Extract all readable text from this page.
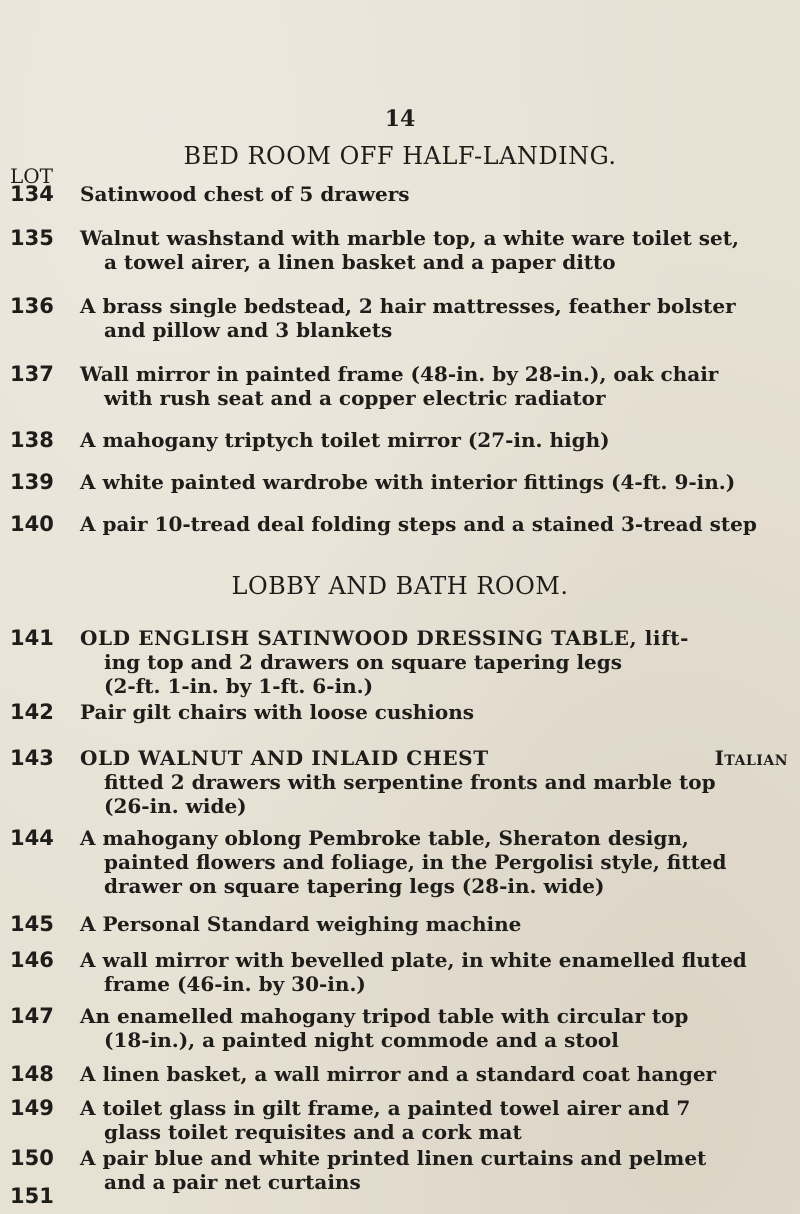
14
BED ROOM OFF HALF-LANDING.
LOT
134 Satinwood chest of 5 drawers
135 Walnut washstand with marble top, a white ware toilet set,
a towel airer, a linen basket and a paper ditto
136 A brass single bedstead, 2 hair mattresses, feather bolster
and pillow and 3 blankets
137 Wall mirror in painted frame (48-in. by 28-in.), oak chair
with rush seat and a copper electric radiator
138 A mahogany triptych toilet mirror (27-in. high)
139 A white painted wardrobe with interior fittings (4-ft. 9-in.)
140 A pair 10-tread deal folding steps and a stained 3-tread step
LOBBY AND BATH ROOM.
141 OLD ENGLISH SATINWOOD DRESSING TABLE, lift-
ing top and 2 drawers on square tapering legs
(2-ft. 1-in. by 1-ft. 6-in.)
142 Pair gilt chairs with loose cushions
143	Italian
OLD WALNUT AND INLAID CHEST
fitted 2 drawers with serpentine fronts and marble top
(26-in. wide)
144 A mahogany oblong Pembroke table, Sheraton design,
painted flowers and foliage, in the Pergolisi style, fitted
drawer on square tapering legs (28-in. wide)
145 A Personal Standard weighing machine
146 A wall mirror with bevelled plate, in white enamelled fluted
frame (46-in. by 30-in.)
147 An enamelled mahogany tripod table with circular top
(18-in.), a painted night commode and a stool
148 A linen basket, a wall mirror and a standard coat hanger
149 A toilet glass in gilt frame, a painted towel airer and 7
glass toilet requisites and a cork mat
150 A pair blue and white printed linen curtains and pelmet
and a pair net curtains
151
